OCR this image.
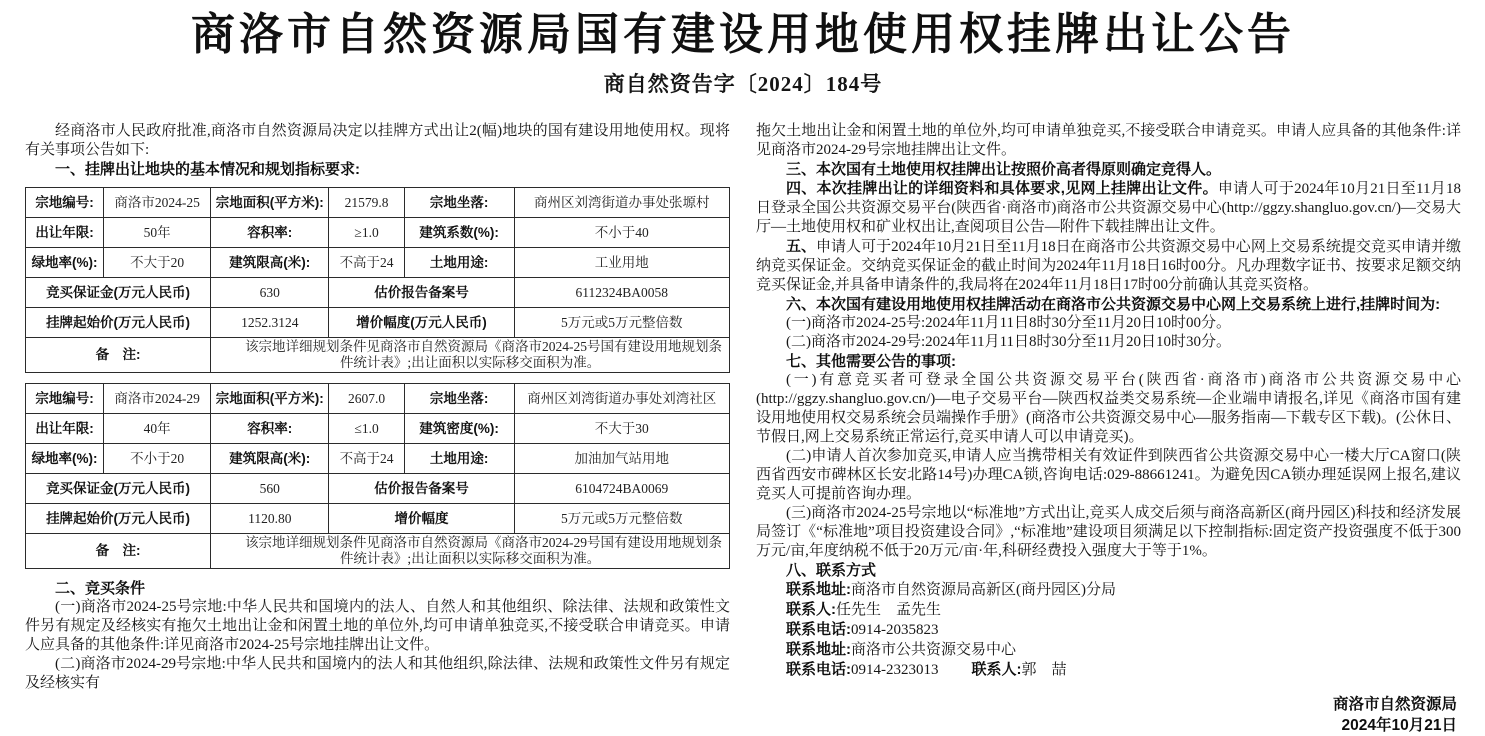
商洛市自然资源局国有建设用地使用权挂牌出让公告
商自然资告字〔2024〕184号

经商洛市人民政府批准,商洛市自然资源局决定以挂牌方式出让2(幅)地块的国有建设用地使用权。现将有关事项公告如下:

一、挂牌出让地块的基本情况和规划指标要求:

宗地编号:	商洛市2024-25	宗地面积(平方米):	21579.8	宗地坐落:	商州区刘湾街道办事处张塬村
出让年限:	50年	容积率:	≥1.0	建筑系数(%):	不小于40
绿地率(%):	不大于20	建筑限高(米):	不高于24	土地用途:	工业用地
竞买保证金(万元人民币)		630	估价报告备案号		6112324BA0058
挂牌起始价(万元人民币)		1252.3124	增价幅度(万元人民币)		5万元或5万元整倍数
备　注:		该宗地详细规划条件见商洛市自然资源局《商洛市2024-25号国有建设用地规划条件统计表》;出让面积以实际移交面积为准。			
宗地编号:	商洛市2024-29	宗地面积(平方米):	2607.0	宗地坐落:	商州区刘湾街道办事处刘湾社区
出让年限:	40年	容积率:	≤1.0	建筑密度(%):	不大于30
绿地率(%):	不小于20	建筑限高(米):	不高于24	土地用途:	加油加气站用地
竞买保证金(万元人民币)		560	估价报告备案号		6104724BA0069
挂牌起始价(万元人民币)		1120.80	增价幅度		5万元或5万元整倍数
备　注:		该宗地详细规划条件见商洛市自然资源局《商洛市2024-29号国有建设用地规划条件统计表》;出让面积以实际移交面积为准。			

二、竞买条件

(一)商洛市2024-25号宗地:中华人民共和国境内的法人、自然人和其他组织、除法律、法规和政策性文件另有规定及经核实有拖欠土地出让金和闲置土地的单位外,均可申请单独竞买,不接受联合申请竞买。申请人应具备的其他条件:详见商洛市2024-25号宗地挂牌出让文件。

(二)商洛市2024-29号宗地:中华人民共和国境内的法人和其他组织,除法律、法规和政策性文件另有规定及经核实有

拖欠土地出让金和闲置土地的单位外,均可申请单独竞买,不接受联合申请竞买。申请人应具备的其他条件:详见商洛市2024-29号宗地挂牌出让文件。

三、本次国有土地使用权挂牌出让按照价高者得原则确定竞得人。

四、本次挂牌出让的详细资料和具体要求,见网上挂牌出让文件。申请人可于2024年10月21日至11月18日登录全国公共资源交易平台(陕西省·商洛市)商洛市公共资源交易中心(http://ggzy.shangluo.gov.cn/)—交易大厅—土地使用权和矿业权出让,查阅项目公告—附件下载挂牌出让文件。

五、申请人可于2024年10月21日至11月18日在商洛市公共资源交易中心网上交易系统提交竞买申请并缴纳竞买保证金。交纳竞买保证金的截止时间为2024年11月18日16时00分。凡办理数字证书、按要求足额交纳竞买保证金,并具备申请条件的,我局将在2024年11月18日17时00分前确认其竞买资格。

六、本次国有建设用地使用权挂牌活动在商洛市公共资源交易中心网上交易系统上进行,挂牌时间为:

(一)商洛市2024-25号:2024年11月11日8时30分至11月20日10时00分。

(二)商洛市2024-29号:2024年11月11日8时30分至11月20日10时30分。

七、其他需要公告的事项:

(一)有意竞买者可登录全国公共资源交易平台(陕西省·商洛市)商洛市公共资源交易中心(http://ggzy.shangluo.gov.cn/)—电子交易平台—陕西权益类交易系统—企业端申请报名,详见《商洛市国有建设用地使用权交易系统会员端操作手册》(商洛市公共资源交易中心—服务指南—下载专区下载)。(公休日、节假日,网上交易系统正常运行,竞买申请人可以申请竞买)。

(二)申请人首次参加竞买,申请人应当携带相关有效证件到陕西省公共资源交易中心一楼大厅CA窗口(陕西省西安市碑林区长安北路14号)办理CA锁,咨询电话:029-88661241。为避免因CA锁办理延误网上报名,建议竞买人可提前咨询办理。

(三)商洛市2024-25号宗地以“标准地”方式出让,竞买人成交后须与商洛高新区(商丹园区)科技和经济发展局签订《“标准地”项目投资建设合同》,“标准地”建设项目须满足以下控制指标:固定资产投资强度不低于300万元/亩,年度纳税不低于20万元/亩·年,科研经费投入强度大于等于1%。

八、联系方式

联系地址:商洛市自然资源局高新区(商丹园区)分局
联系人:任先生　孟先生
联系电话:0914-2035823
联系地址:商洛市公共资源交易中心
联系电话:0914-2323013 联系人:郭　喆
商洛市自然资源局
2024年10月21日
